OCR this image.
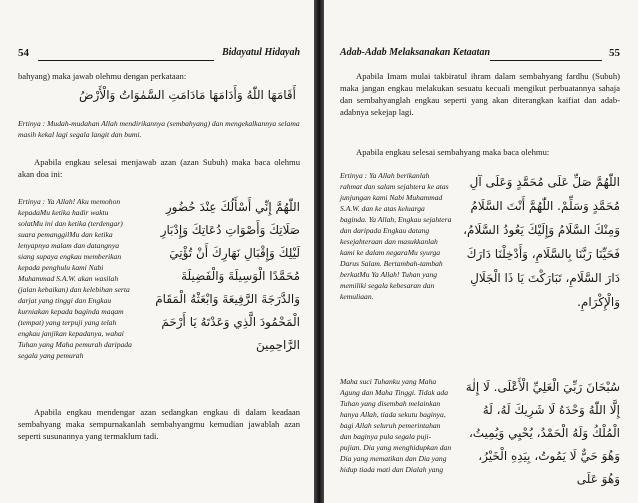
54	Bidayatul Hidayah
bahyang) maka jawab olehmu dengan perkataan:
أَقَامَهَا اللّٰهُ وَأَدَامَهَا مَادَامَتِ السَّمٰوَاتُ وَالْأَرْضُ
Ertinya : Mudah-mudahan Allah mendirikannya (sembahyang) dan mengekalkannya selama masih kekal lagi segala langit dan bumi.
Apabila engkau selesai menjawab azan (azan Subuh) maka baca olehmu akan doa ini:
Ertinya : Ya Allah! Aku memohon kepadaMu ketika hadir waktu solatMu ini dan ketika (terdengar) suara pemanggilMu dan ketika lenyapnya malam dan datangnya siang supaya engkau memberikan kepada penghulu kami Nabi Muhammad S.A.W. akan wasilah (jalan kebaikan) dan kelebihan serta darjat yang tinggi dan Engkau kurniakan kepada baginda maqam (tempat) yang terpuji yang telah engkau janjikan kepadanya, wahai Tuhan yang Maha pemurah daripada segala yang pemurah
اللّٰهُمَّ إِنِّي أَسْأَلُكَ عِنْدَ حُضُورِ صَلَاتِكَ وَأَصْوَاتِ دُعَاتِكَ وَإِدْبَارِ لَيْلِكَ وَإِقْبَالِ نَهَارِكَ أَنْ تُؤْتِيَ مُحَمَّدًا الْوَسِيلَةَ وَالْفَضِيلَةَ وَالدَّرَجَةَ الرَّفِيعَةَ وَابْعَثْهُ الْمَقَامَ الْمَحْمُودَ الَّذِي وَعَدْتَهُ يَا أَرْحَمَ الرَّاحِمِينَ
Apabila engkau mendengar azan sedangkan engkau di dalam keadaan sembahyang maka sempurnakanlah sembahyangmu kemudian jawablah azan seperti susunannya yang termaklum tadi.
Adab-Adab Melaksanakan Ketaatan	55
Apabila Imam mulai takbiratul ihram dalam sembahyang fardhu (Subuh) maka jangan engkau melakukan sesuatu kecuali mengikut perbuatannya sahaja dan sembahyanglah engkau seperti yang akan diterangkan kaifiat dan adab-adabnya sekejap lagi.
Apabila engkau selesai sembahyang maka baca olehmu:
Ertinya : Ya Allah berikanlah rahmat dan salam sejahtera ke atas junjungan kami Nabi Muhammad S.A.W. dan ke atas keluarga baginda. Ya Allah, Engkau sejahtera dan daripada Engkau datang kesejahteraan dan masukkanlah kami ke dalam negaraMu syurga Darus Salam. Bertambah-tambah berkatMu Ya Allah! Tuhan yang memiliki segala kebesaran dan kemuliaan.
اللّٰهُمَّ صَلِّ عَلَى مُحَمَّدٍ وَعَلَى آلِ مُحَمَّدٍ وَسَلِّمْ. اللّٰهُمَّ أَنْتَ السَّلَامُ وَمِنْكَ السَّلَامُ وَإِلَيْكَ يَعُودُ السَّلَامُ، فَحَيِّنَا رَبَّنَا بِالسَّلَامِ، وَأَدْخِلْنَا دَارَكَ دَارَ السَّلَامِ، تَبَارَكْتَ يَا ذَا الْجَلَالِ وَالْإِكْرَامِ.
Maha suci Tuhanku yang Maha Agung dan Maha Tinggi. Tidak ada Tuhan yang disembah melainkan hanya Allah, tiada sekutu baginya, bagi Allah seluruh pemerintahan dan baginya pula segala puji-pujian. Dia yang menghidupkan dan Dia yang mematikan dan Dia yang hidup tiada mati dan Dialah yang
سُبْحَانَ رَبِّيَ الْعَلِيِّ الْأَعْلَى. لَا إِلٰهَ إِلَّا اللّٰهُ وَحْدَهُ لَا شَرِيكَ لَهُ، لَهُ الْمُلْكُ وَلَهُ الْحَمْدُ، يُحْيِي وَيُمِيتُ، وَهُوَ حَيٌّ لَا يَمُوتُ، بِيَدِهِ الْخَيْرُ، وَهُوَ عَلَى
